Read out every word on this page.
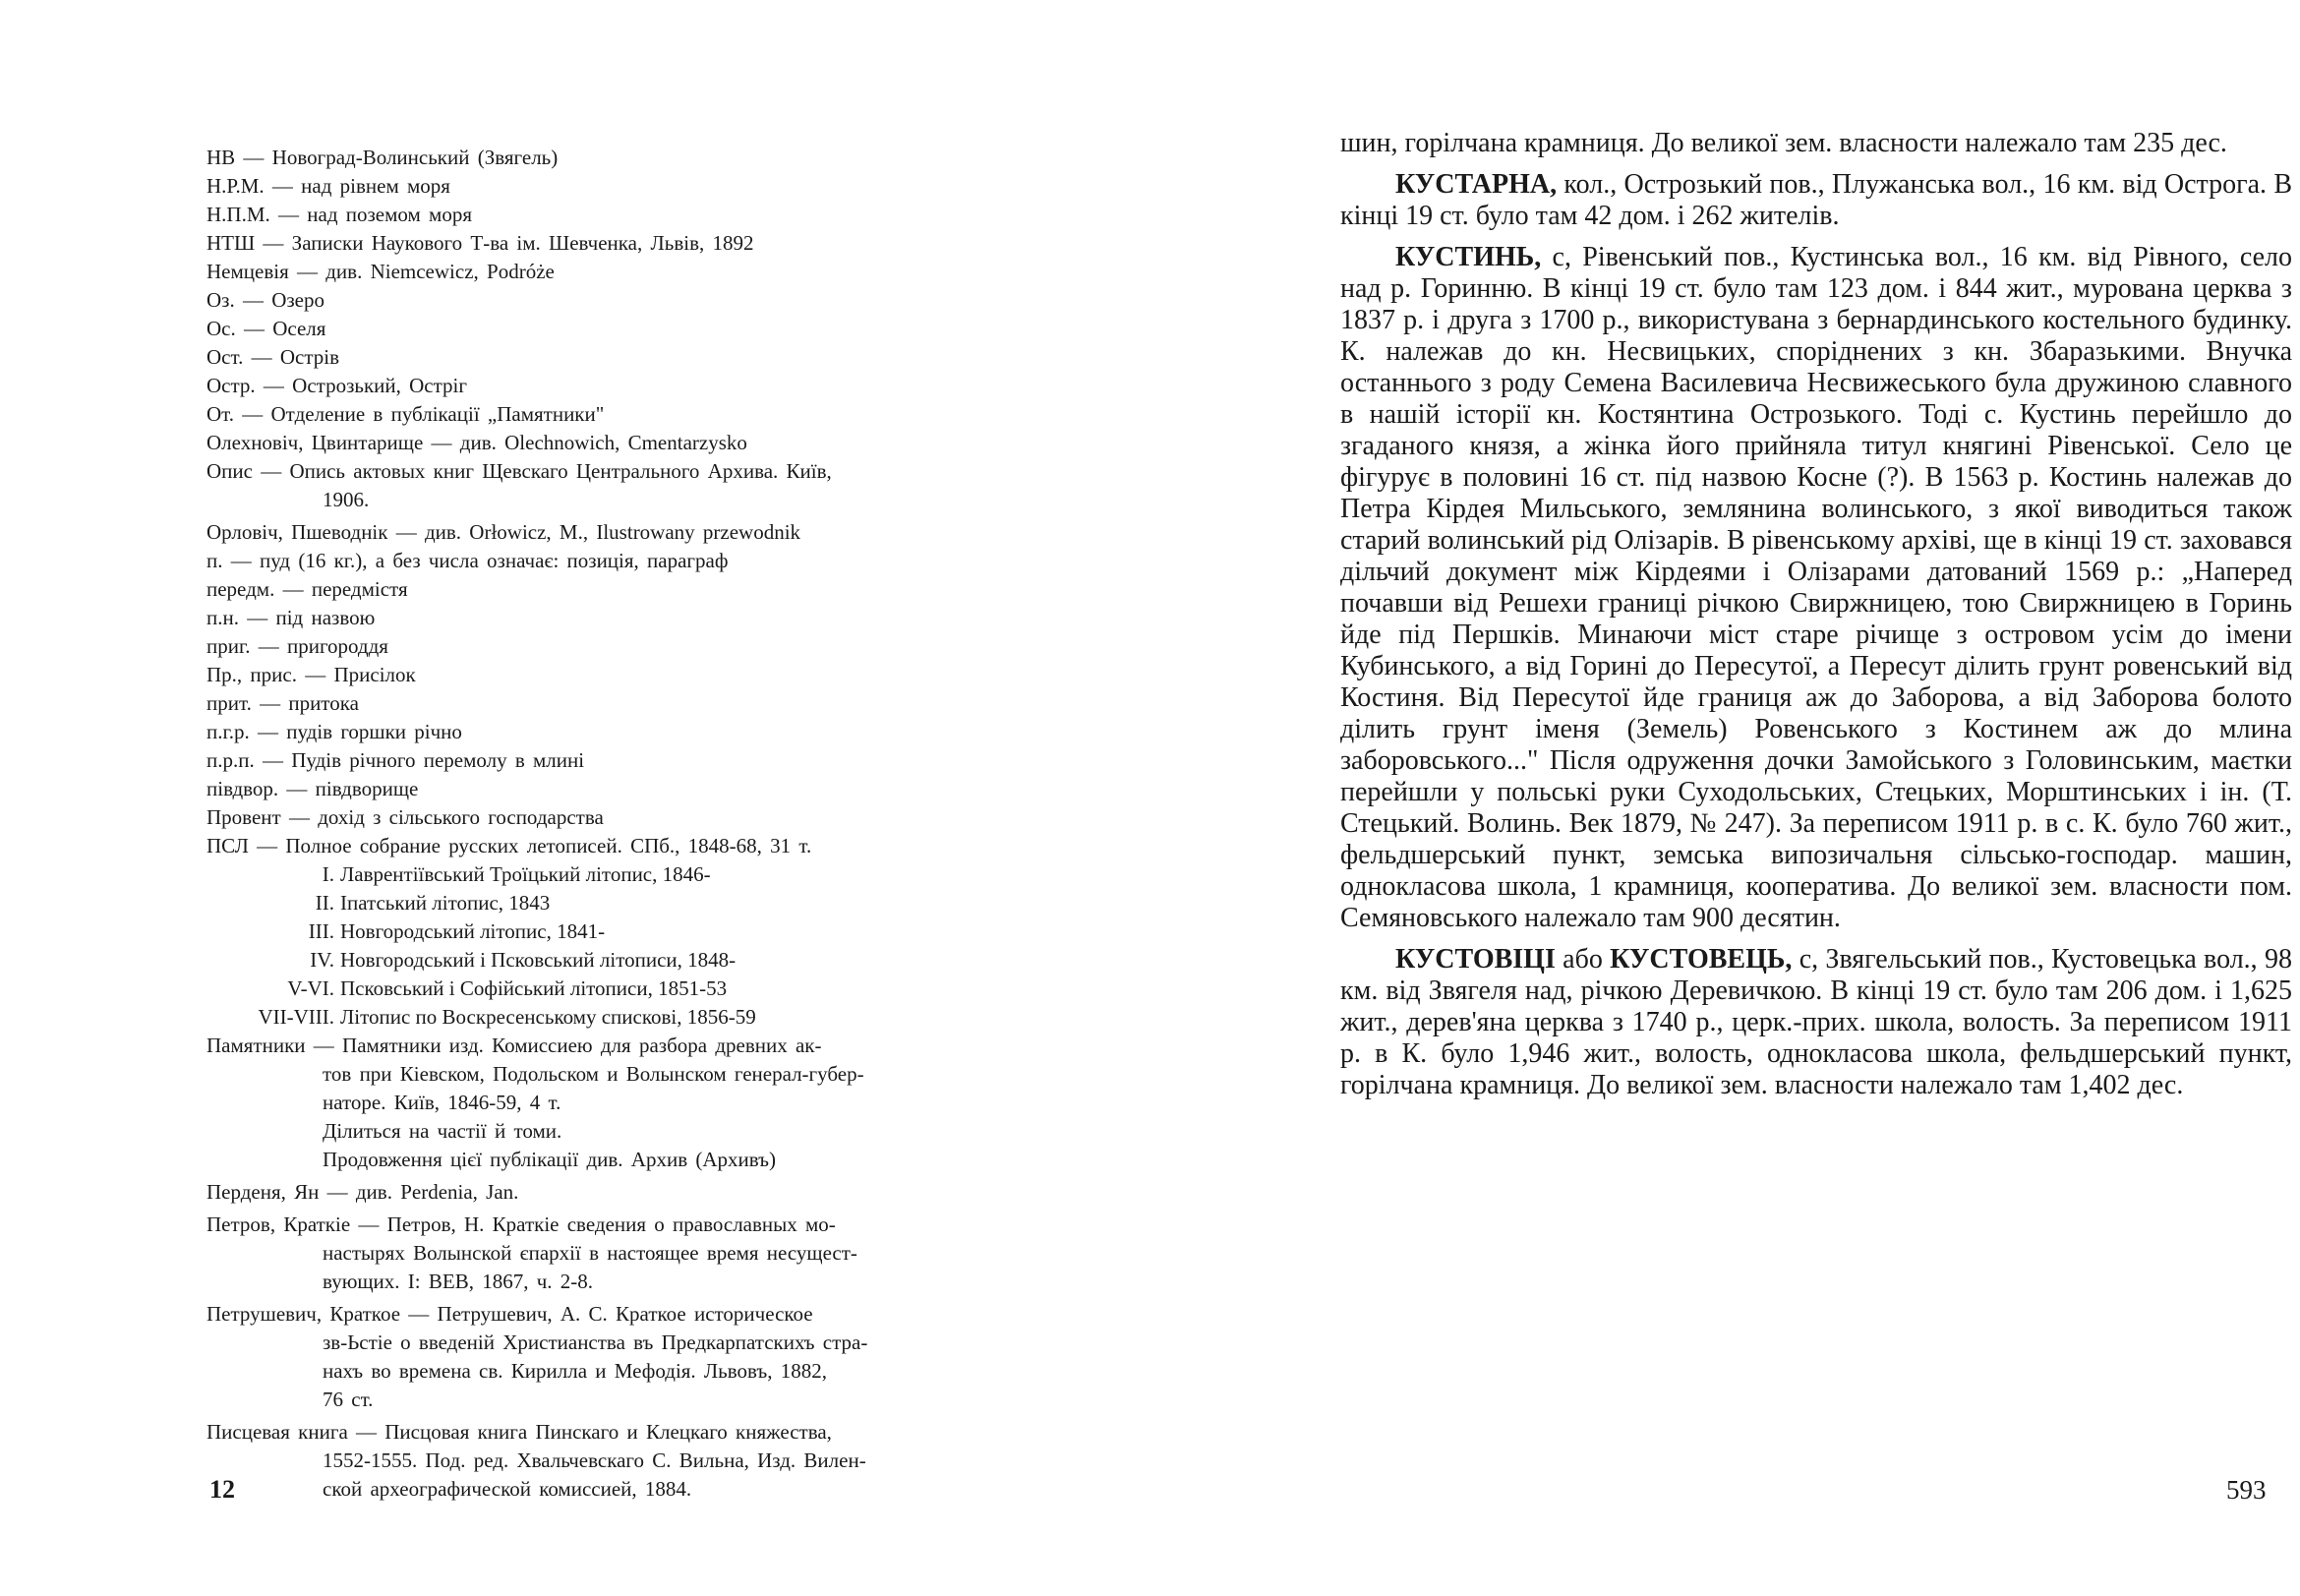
НВ — Новоград-Волинський (Звягель)
Н.Р.М. — над рівнем моря
Н.П.М. — над поземом моря
НТШ — Записки Наукового Т-ва ім. Шевченка, Львів, 1892
Немцевія — див. Niemcewicz, Podróże
Оз. — Озеро
Ос. — Оселя
Ост. — Острів
Остр. — Острозький, Остріг
От. — Отделение в публікації „Памятники"
Олехновіч, Цвинтарище — див. Olechnowich, Cmentarzysko
Опис — Опись актовых книг Щевскаго Центрального Архива. Київ,
1906.
Орловіч, Пшеводнік — див. Orłowicz, M., Ilustrowany przewodnik
п. — пуд (16 кг.), а без числа означає: позиція, параграф
передм. — передмістя
п.н. — під назвою
приг. — пригороддя
Пр., прис. — Присілок
прит. — притока
п.г.р. — пудів горшки річно
п.р.п. — Пудів річного перемолу в млині
півдвор. — півдворище
Провент — дохід з сільського господарства
ПСЛ — Полное собрание русских летописей. СПб., 1848-68, 31 т.
I. Лаврентіївський Троїцький літопис, 1846-
II. Іпатський літопис, 1843
III. Новгородський літопис, 1841-
IV. Новгородський і Псковський літописи, 1848-
V-VI. Псковський і Софійський літописи, 1851-53
VII-VIII. Літопис по Воскресенському спискові, 1856-59
Памятники — Памятники изд. Комиссиею для разбора древних ак-
тов при Кіевском, Подольском и Волынском генерал-губер-
наторе. Київ, 1846-59, 4 т.
Ділиться на частії й томи.
Продовження цієї публікації див. Архив (Архивъ)
Перденя, Ян — див. Perdenia, Jan.
Петров, Краткіе — Петров, Н. Краткіе сведения о православных мо-
настырях Волынской єпархії в настоящее время несущест-
вующих. I: BEB, 1867, ч. 2-8.
Петрушевич, Краткое — Петрушевич, А. С. Краткое историческое
зв-Ьстіе о введеній Христианства въ Предкарпатскихъ стра-
нахъ во времена св. Кирилла и Мефодія. Львовъ, 1882,
76 ст.
Писцевая книга — Писцовая книга Пинскаго и Клецкаго княжества,
1552-1555. Под. ред. Хвальчевскаго С. Вильна, Изд. Вилен-
ской археографической комиссией, 1884.
12

шин, горілчана крамниця. До великої зем. власности належало там 235 дес.

КУСТАРНА, кол., Острозький пов., Плужанська вол., 16 км. від Острога. В кінці 19 ст. було там 42 дом. і 262 жителів.

КУСТИНЬ, с, Рівенський пов., Кустинська вол., 16 км. від Рівного, село над р. Горинню. В кінці 19 ст. було там 123 дом. і 844 жит., мурована церква з 1837 р. і друга з 1700 р., використувана з бернардинського костельного будинку. К. належав до кн. Несвицьких, споріднених з кн. Збаразькими. Внучка останнього з роду Семена Василевича Несвижеського була дружиною славного в нашій історії кн. Костянтина Острозького. Тоді с. Кустинь перейшло до згаданого князя, а жінка його прийняла титул княгині Рівенської. Село це фігурує в половині 16 ст. під назвою Косне (?). В 1563 р. Костинь належав до Петра Кірдея Мильського, землянина волинського, з якої виводиться також старий волинський рід Олізарів. В рівенському архіві, ще в кінці 19 ст. заховався дільчий документ між Кірдеями і Олізарами датований 1569 р.: „Наперед почавши від Решехи границі річкою Свиржницею, тою Свиржницею в Горинь йде під Першків. Минаючи міст старе річище з островом усім до імени Кубинського, а від Горині до Пересутої, а Пересут ділить грунт ровенський від Костиня. Від Пересутої йде границя аж до Заборова, а від Заборова болото ділить грунт іменя (Земель) Ровенського з Костинем аж до млина заборовського..." Після одруження дочки Замойського з Головинським, маєтки перейшли у польські руки Суходольських, Стецьких, Морштинських і ін. (Т. Стецький. Волинь. Век 1879, № 247). За переписом 1911 р. в с. К. було 760 жит., фельдшерський пункт, земська випозичальня сільсько-господар. машин, однокласова школа, 1 крамниця, кооператива. До великої зем. власности пом. Семяновського належало там 900 десятин.

КУСТОВІЦІ або КУСТОВЕЦЬ, с, Звягельський пов., Кустовецька вол., 98 км. від Звягеля над, річкою Деревичкою. В кінці 19 ст. було там 206 дом. і 1,625 жит., дерев'яна церква з 1740 р., церк.-прих. школа, волость. За переписом 1911 р. в К. було 1,946 жит., волость, однокласова школа, фельдшерський пункт, горілчана крамниця. До великої зем. власности належало там 1,402 дес.

593
